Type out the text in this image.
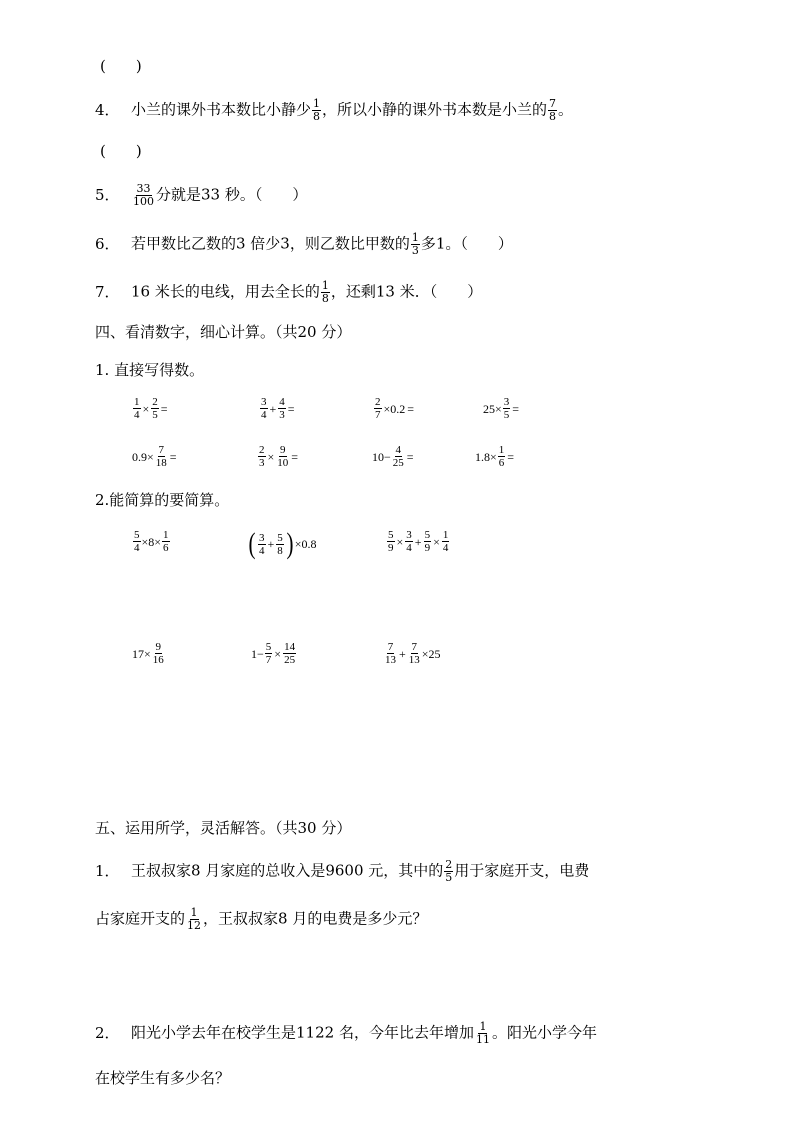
(　　)
4． 小兰的课外书本数比小静少 $\frac{1}{8}$ ，所以小静的课外书本数是小兰的 $\frac{7}{8}$ 。
(　　)
5． $\frac{33}{100}$ 分就是33 秒。（　　）
6． 若甲数比乙数的3 倍少3，则乙数比甲数的 $\frac{1}{3}$ 多1。（　　）
7． 16 米长的电线，用去全长的 $\frac{1}{8}$ ，还剩13 米．（　　）
四、看清数字，细心计算。（共20 分）
1. 直接写得数。
$\frac{1}{4} \times \frac{2}{5}$ =	$\frac{3}{4} + \frac{4}{3}$ =	$\frac{2}{7} \times 0.2$ =	$25\times \frac{3}{5}$ =
$0.9\times \frac{7}{18}$ =	$\frac{2}{3} \times \frac{9}{10}$ =	$10- \frac{4}{25}$ =	$1.8\times \frac{1}{6}$ =
2.能简算的要简算。
$\frac{5}{4} \times 8\times \frac{1}{6}$	( $\frac{3}{4} + \frac{5}{8}$ ) ×0.8	$\frac{5}{9} \times \frac{3}{4} + \frac{5}{9} \times \frac{1}{4}$
$17\times \frac{9}{16}$	$1- \frac{5}{7} \times \frac{14}{25}$	$\frac{7}{13} + \frac{7}{13} \times 25$
五、运用所学，灵活解答。（共30 分）
1． 王叔叔家8 月家庭的总收入是9600 元，其中的 $\frac{2}{5}$ 用于家庭开支，电费
占家庭开支的 $\frac{1}{12}$ ，王叔叔家8 月的电费是多少元？
2． 阳光小学去年在校学生是1122 名，今年比去年增加 $\frac{1}{11}$ 。阳光小学今年
在校学生有多少名？
